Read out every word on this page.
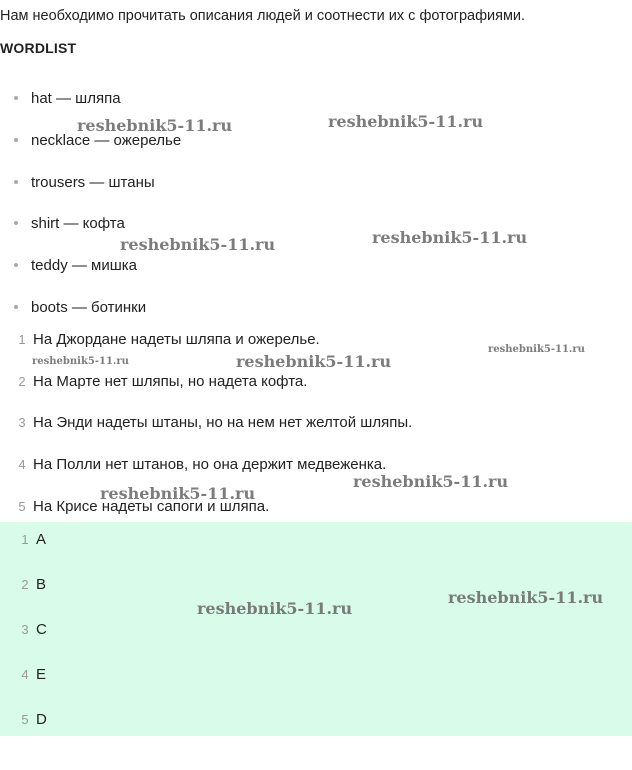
Нам необходимо прочитать описания людей и соотнести их с фотографиями.
WORDLIST
hat — шляпа
necklace — ожерелье
trousers — штаны
shirt — кофта
teddy — мишка
boots — ботинки
1 На Джордане надеты шляпа и ожерелье.
2 На Марте нет шляпы, но надета кофта.
3 На Энди надеты штаны, но на нем нет желтой шляпы.
4 На Полли нет штанов, но она держит медвеженка.
5 На Крисе надеты сапоги и шляпа.
1 A
2 B
3 C
4 E
5 D
reshebnik5-11.ru	reshebnik5-11.ru
reshebnik5-11.ru	reshebnik5-11.ru
reshebnik5-11.ru	reshebnik5-11.ru
reshebnik5-11.ru
reshebnik5-11.ru
reshebnik5-11.ru
reshebnik5-11.ru
reshebnik5-11.ru
